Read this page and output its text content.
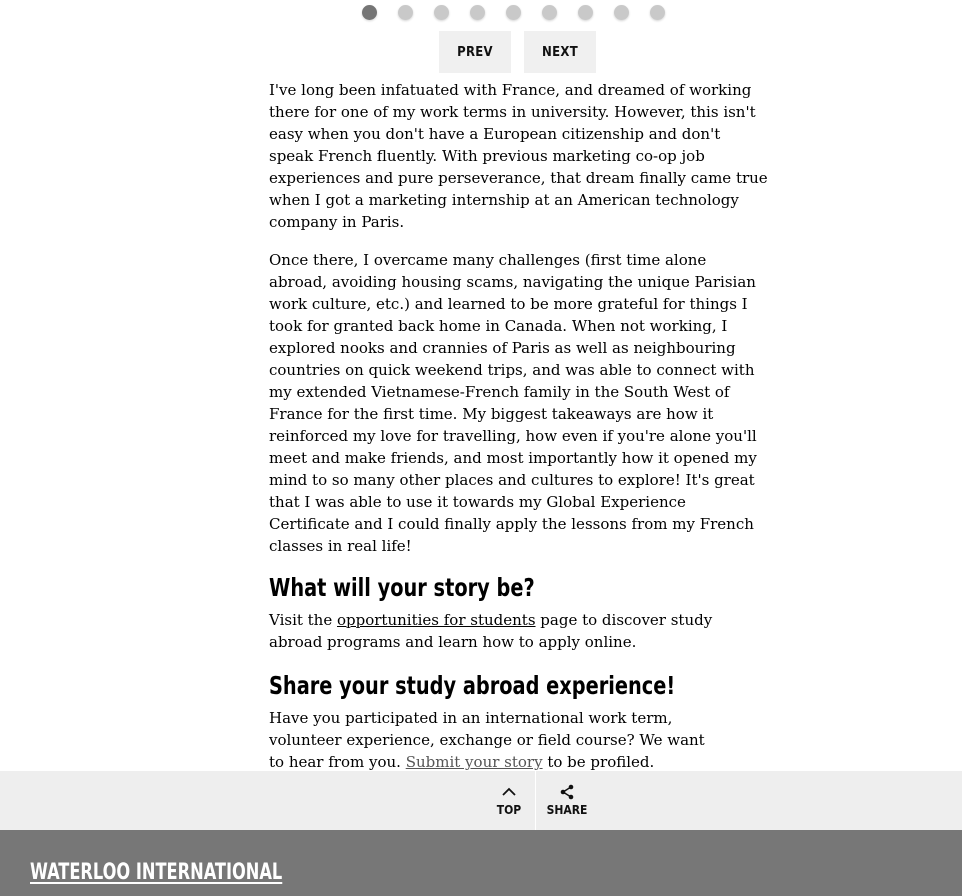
PREV	NEXT

I've long been infatuated with France, and dreamed of working there for one of my work terms in university. However, this isn't easy when you don't have a European citizenship and don't speak French fluently. With previous marketing co-op job experiences and pure perseverance, that dream finally came true when I got a marketing internship at an American technology company in Paris.

Once there, I overcame many challenges (first time alone abroad, avoiding housing scams, navigating the unique Parisian work culture, etc.) and learned to be more grateful for things I took for granted back home in Canada. When not working, I explored nooks and crannies of Paris as well as neighbouring countries on quick weekend trips, and was able to connect with my extended Vietnamese-French family in the South West of France for the first time. My biggest takeaways are how it reinforced my love for travelling, how even if you're alone you'll meet and make friends, and most importantly how it opened my mind to so many other places and cultures to explore! It's great that I was able to use it towards my Global Experience Certificate and I could finally apply the lessons from my French classes in real life!

What will your story be?

Visit the opportunities for students page to discover study abroad programs and learn how to apply online.

Share your study abroad experience!

Have you participated in an international work term, volunteer experience, exchange or field course? We want to hear from you. Submit your story to be profiled.

TOP SHARE
WATERLOO INTERNATIONAL
